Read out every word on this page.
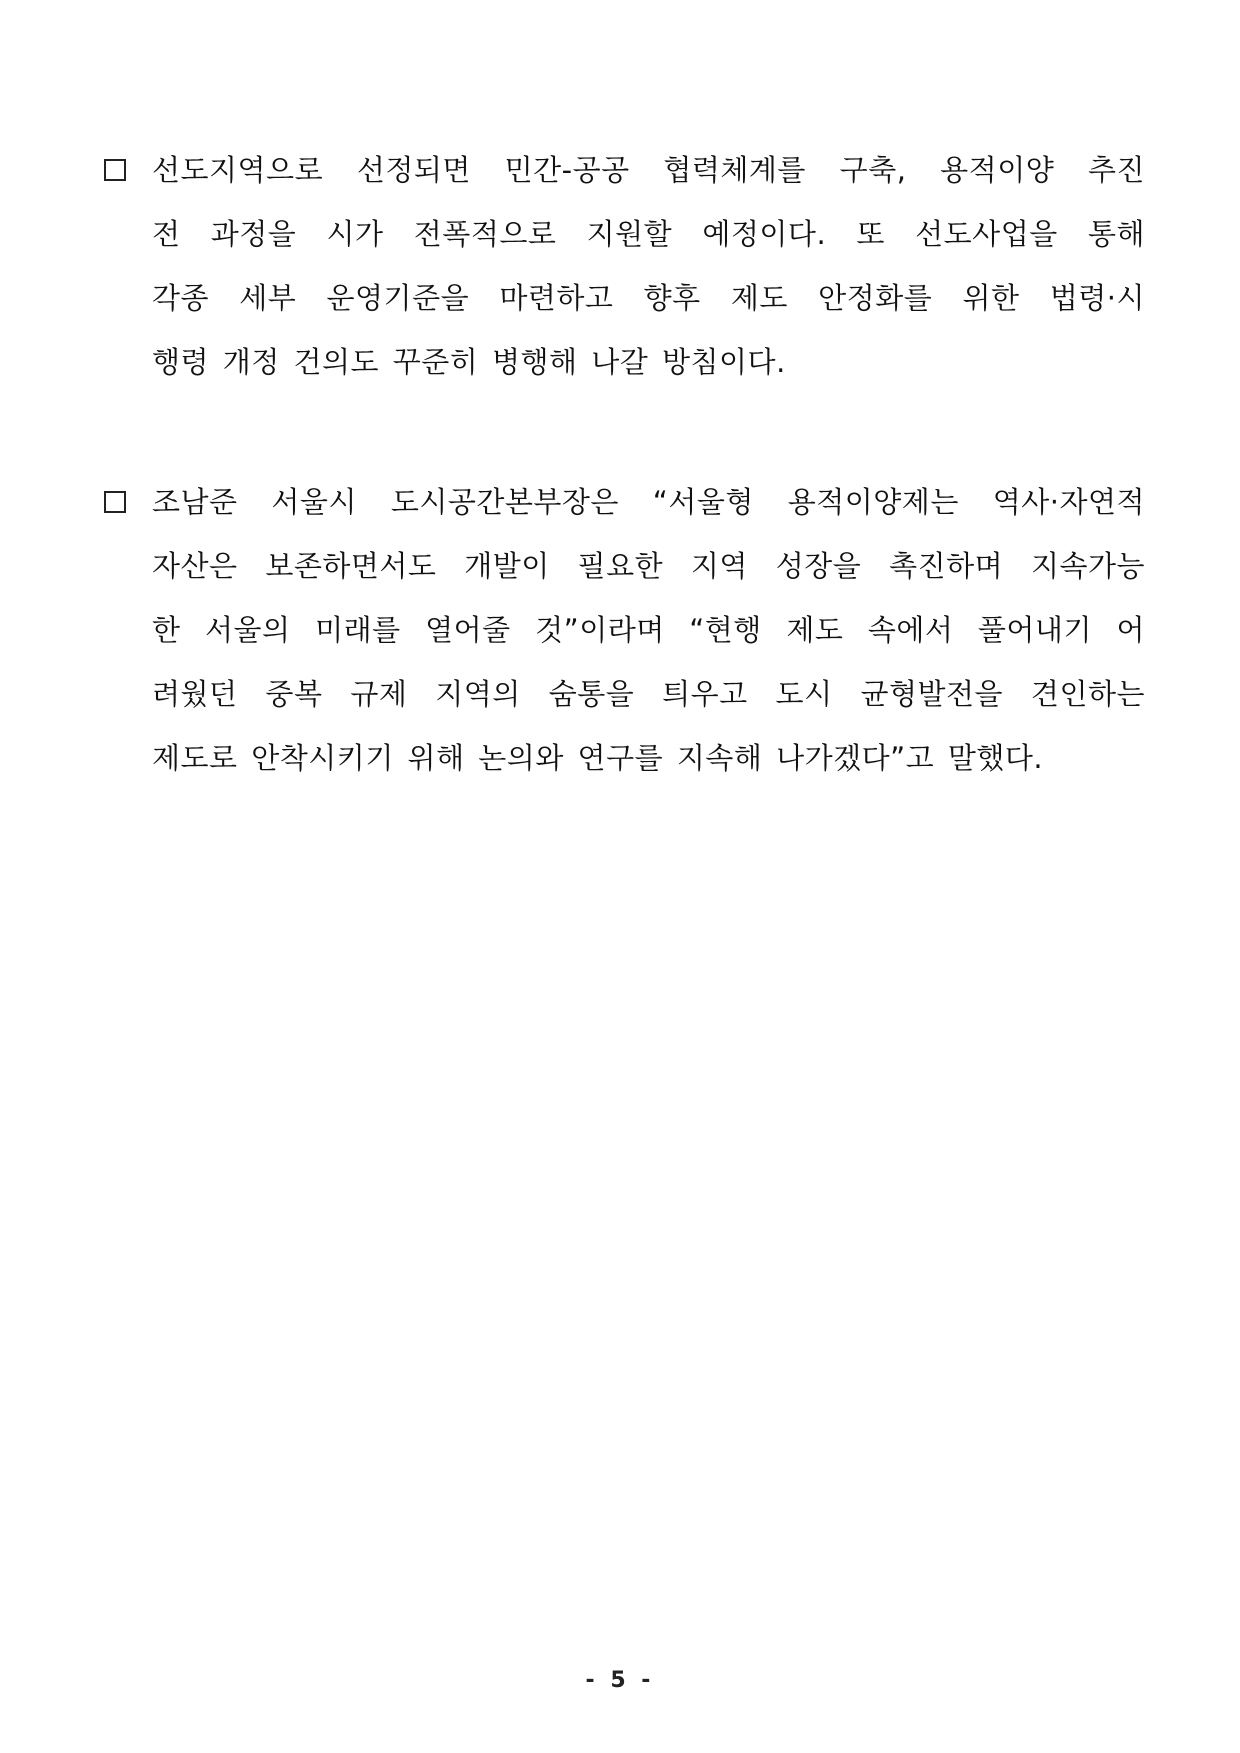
선도지역으로 선정되면 민간-공공 협력체계를 구축, 용적이양 추진
전 과정을 시가 전폭적으로 지원할 예정이다. 또 선도사업을 통해
각종 세부 운영기준을 마련하고 향후 제도 안정화를 위한 법령·시
행령 개정 건의도 꾸준히 병행해 나갈 방침이다.
조남준 서울시 도시공간본부장은 “서울형 용적이양제는 역사·자연적
자산은 보존하면서도 개발이 필요한 지역 성장을 촉진하며 지속가능
한 서울의 미래를 열어줄 것”이라며 “현행 제도 속에서 풀어내기 어
려웠던 중복 규제 지역의 숨통을 틔우고 도시 균형발전을 견인하는
제도로 안착시키기 위해 논의와 연구를 지속해 나가겠다”고 말했다.
- 5 -
